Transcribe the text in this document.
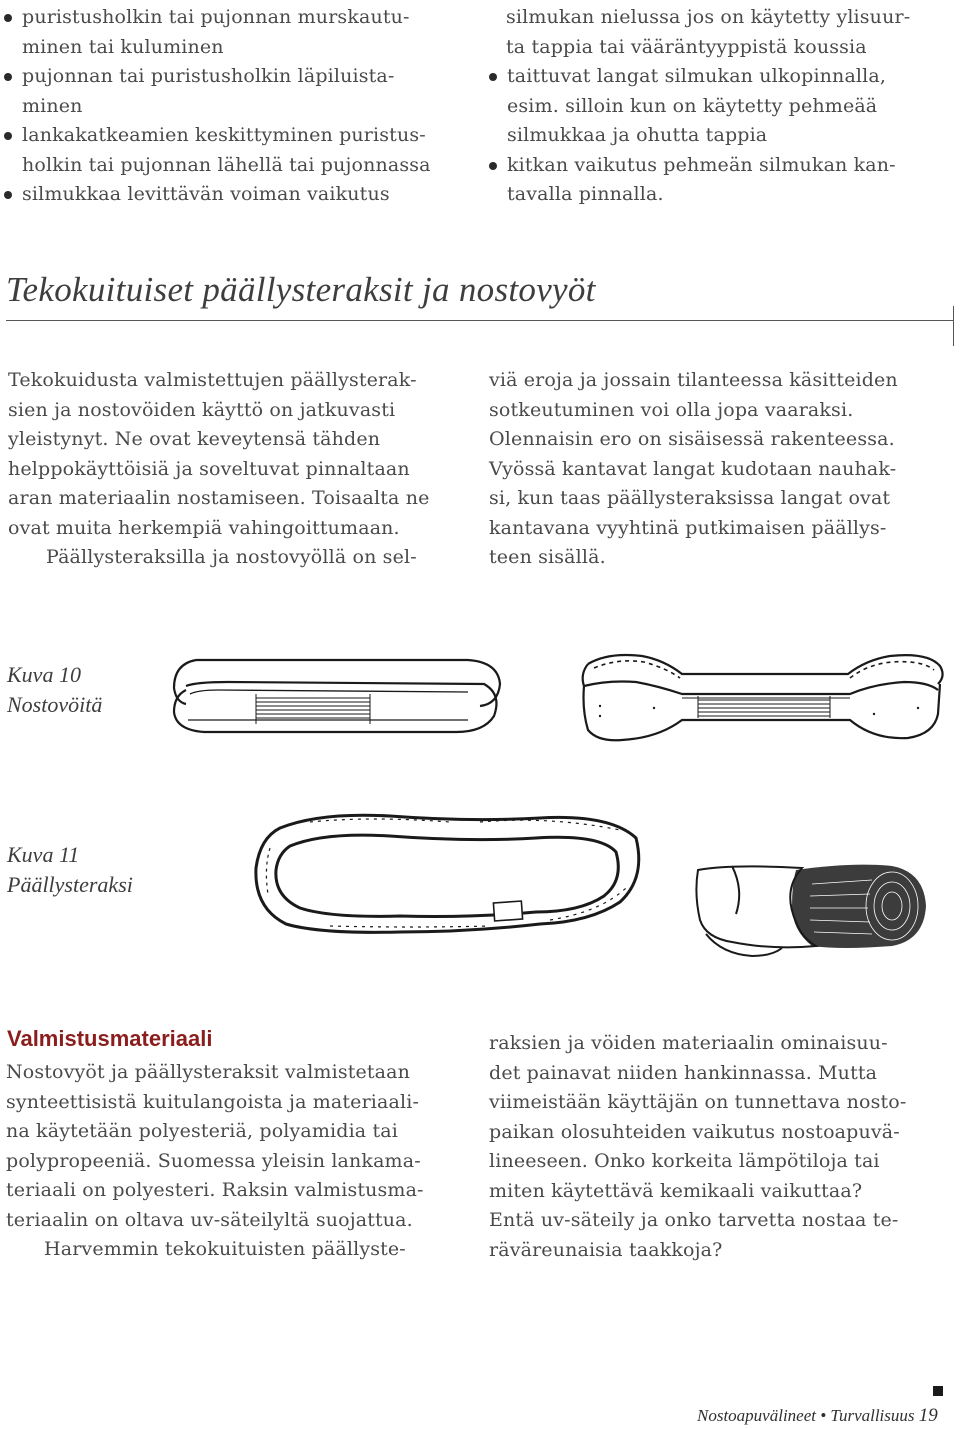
puristusholkin tai pujonnan murskautu-
minen tai kuluminen
pujonnan tai puristusholkin läpiluista-
minen
lankakatkeamien keskittyminen puristus-
holkin tai pujonnan lähellä tai pujonnassa
silmukkaa levittävän voiman vaikutus
silmukan nielussa jos on käytetty ylisuur-
ta tappia tai vääräntyyppistä koussia
taittuvat langat silmukan ulkopinnalla,
esim. silloin kun on käytetty pehmeää
silmukkaa ja ohutta tappia
kitkan vaikutus pehmeän silmukan kan-
tavalla pinnalla.
Tekokuituiset päällysteraksit ja nostovyöt
Tekokuidusta valmistettujen päällysterak-
sien ja nostovöiden käyttö on jatkuvasti
yleistynyt. Ne ovat keveytensä tähden
helppokäyttöisiä ja soveltuvat pinnaltaan
aran materiaalin nostamiseen. Toisaalta ne
ovat muita herkempiä vahingoittumaan.
Päällysteraksilla ja nostovyöllä on sel-
viä eroja ja jossain tilanteessa käsitteiden
sotkeutuminen voi olla jopa vaaraksi.
Olennaisin ero on sisäisessä rakenteessa.
Vyössä kantavat langat kudotaan nauhak-
si, kun taas päällysteraksissa langat ovat
kantavana vyyhtinä putkimaisen päällys-
teen sisällä.
Kuva 10
Nostovöitä
Kuva 11
Päällysteraksi
Valmistusmateriaali
Nostovyöt ja päällysteraksit valmistetaan
synteettisistä kuitulangoista ja materiaali-
na käytetään polyesteriä, polyamidia tai
polypropeeniä. Suomessa yleisin lankama-
teriaali on polyesteri. Raksin valmistusma-
teriaalin on oltava uv-säteilyltä suojattua.
Harvemmin tekokuituisten päällyste-
raksien ja vöiden materiaalin ominaisuu-
det painavat niiden hankinnassa. Mutta
viimeistään käyttäjän on tunnettava nosto-
paikan olosuhteiden vaikutus nostoapuvä-
lineeseen. Onko korkeita lämpötiloja tai
miten käytettävä kemikaali vaikuttaa?
Entä uv-säteily ja onko tarvetta nostaa te-
räväreunaisia taakkoja?
Nostoapuvälineet • Turvallisuus 19
